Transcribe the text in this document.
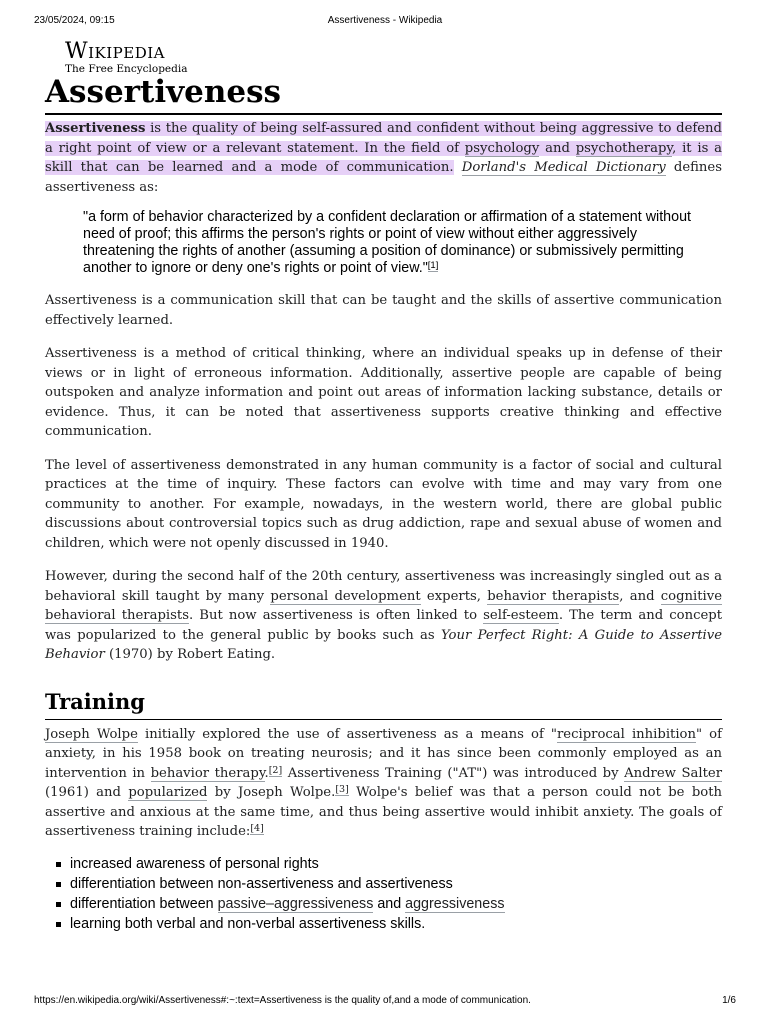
23/05/2024, 09:15	Assertiveness - Wikipedia
Wikipedia
The Free Encyclopedia
Assertiveness

Assertiveness is the quality of being self-assured and confident without being aggressive to defend a right point of view or a relevant statement. In the field of psychology and psychotherapy, it is a skill that can be learned and a mode of communication. Dorland's Medical Dictionary defines assertiveness as:

"a form of behavior characterized by a confident declaration or affirmation of a statement without need of proof; this affirms the person's rights or point of view without either aggressively threatening the rights of another (assuming a position of dominance) or submissively permitting another to ignore or deny one's rights or point of view."[1]

Assertiveness is a communication skill that can be taught and the skills of assertive communication effectively learned.

Assertiveness is a method of critical thinking, where an individual speaks up in defense of their views or in light of erroneous information. Additionally, assertive people are capable of being outspoken and analyze information and point out areas of information lacking substance, details or evidence. Thus, it can be noted that assertiveness supports creative thinking and effective communication.

The level of assertiveness demonstrated in any human community is a factor of social and cultural practices at the time of inquiry. These factors can evolve with time and may vary from one community to another. For example, nowadays, in the western world, there are global public discussions about controversial topics such as drug addiction, rape and sexual abuse of women and children, which were not openly discussed in 1940.

However, during the second half of the 20th century, assertiveness was increasingly singled out as a behavioral skill taught by many personal development experts, behavior therapists, and cognitive behavioral therapists. But now assertiveness is often linked to self-esteem. The term and concept was popularized to the general public by books such as Your Perfect Right: A Guide to Assertive Behavior (1970) by Robert Eating.

Training

Joseph Wolpe initially explored the use of assertiveness as a means of "reciprocal inhibition" of anxiety, in his 1958 book on treating neurosis; and it has since been commonly employed as an intervention in behavior therapy.[2] Assertiveness Training ("AT") was introduced by Andrew Salter (1961) and popularized by Joseph Wolpe.[3] Wolpe's belief was that a person could not be both assertive and anxious at the same time, and thus being assertive would inhibit anxiety. The goals of assertiveness training include:[4]

increased awareness of personal rights
differentiation between non-assertiveness and assertiveness
differentiation between passive–aggressiveness and aggressiveness
learning both verbal and non-verbal assertiveness skills.
https://en.wikipedia.org/wiki/Assertiveness#:~:text=Assertiveness is the quality of,and a mode of communication.	1/6
